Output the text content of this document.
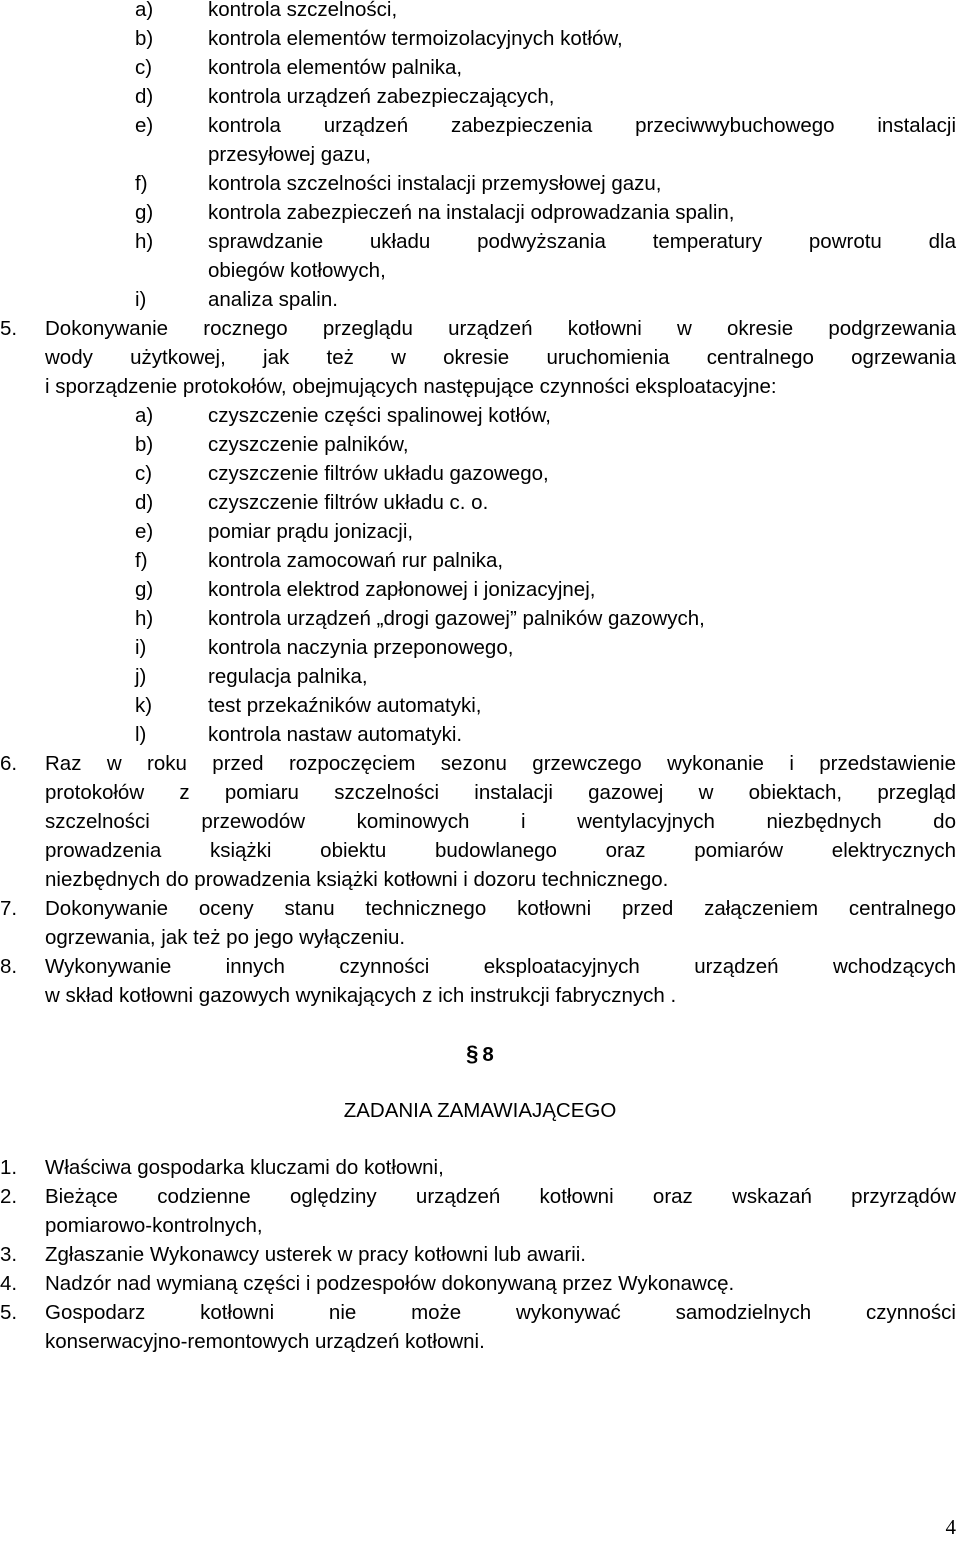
a)	kontrola szczelności,
b)	kontrola elementów termoizolacyjnych kotłów,
c)	kontrola elementów palnika,
d)	kontrola urządzeń zabezpieczających,
e)	kontrola urządzeń zabezpieczenia przeciwwybuchowego instalacji
przesyłowej gazu,
f)	kontrola szczelności instalacji przemysłowej gazu,
g)	kontrola zabezpieczeń na instalacji odprowadzania spalin,
h)	sprawdzanie układu podwyższania temperatury powrotu dla
obiegów kotłowych,
i)	analiza spalin.
5. Dokonywanie rocznego przeglądu urządzeń kotłowni w okresie podgrzewania
wody użytkowej, jak też w okresie uruchomienia centralnego ogrzewania
i sporządzenie protokołów, obejmujących następujące czynności eksploatacyjne:
a)	czyszczenie części spalinowej kotłów,
b)	czyszczenie palników,
c)	czyszczenie filtrów układu gazowego,
d)	czyszczenie filtrów układu c. o.
e)	pomiar prądu jonizacji,
f)	kontrola zamocowań rur palnika,
g)	kontrola elektrod zapłonowej i jonizacyjnej,
h)	kontrola urządzeń „drogi gazowej” palników gazowych,
i)	kontrola naczynia przeponowego,
j)	regulacja palnika,
k)	test przekaźników automatyki,
l)	kontrola nastaw automatyki.
6. Raz w roku przed rozpoczęciem sezonu grzewczego wykonanie i przedstawienie
protokołów z pomiaru szczelności instalacji gazowej w obiektach, przegląd
szczelności przewodów kominowych i wentylacyjnych niezbędnych do
prowadzenia książki obiektu budowlanego oraz pomiarów elektrycznych
niezbędnych do prowadzenia książki kotłowni i dozoru technicznego.
7. Dokonywanie oceny stanu technicznego kotłowni przed załączeniem centralnego
ogrzewania, jak też po jego wyłączeniu.
8. Wykonywanie innych czynności eksploatacyjnych urządzeń wchodzących
w skład kotłowni gazowych wynikających z ich instrukcji fabrycznych .
§ 8
ZADANIA ZAMAWIAJĄCEGO
1. Właściwa gospodarka kluczami do kotłowni,
2. Bieżące codzienne oględziny urządzeń kotłowni oraz wskazań przyrządów
pomiarowo-kontrolnych,
3. Zgłaszanie Wykonawcy usterek w pracy kotłowni lub awarii.
4. Nadzór nad wymianą części i podzespołów dokonywaną przez Wykonawcę.
5. Gospodarz kotłowni nie może wykonywać samodzielnych czynności
konserwacyjno-remontowych urządzeń kotłowni.
4
